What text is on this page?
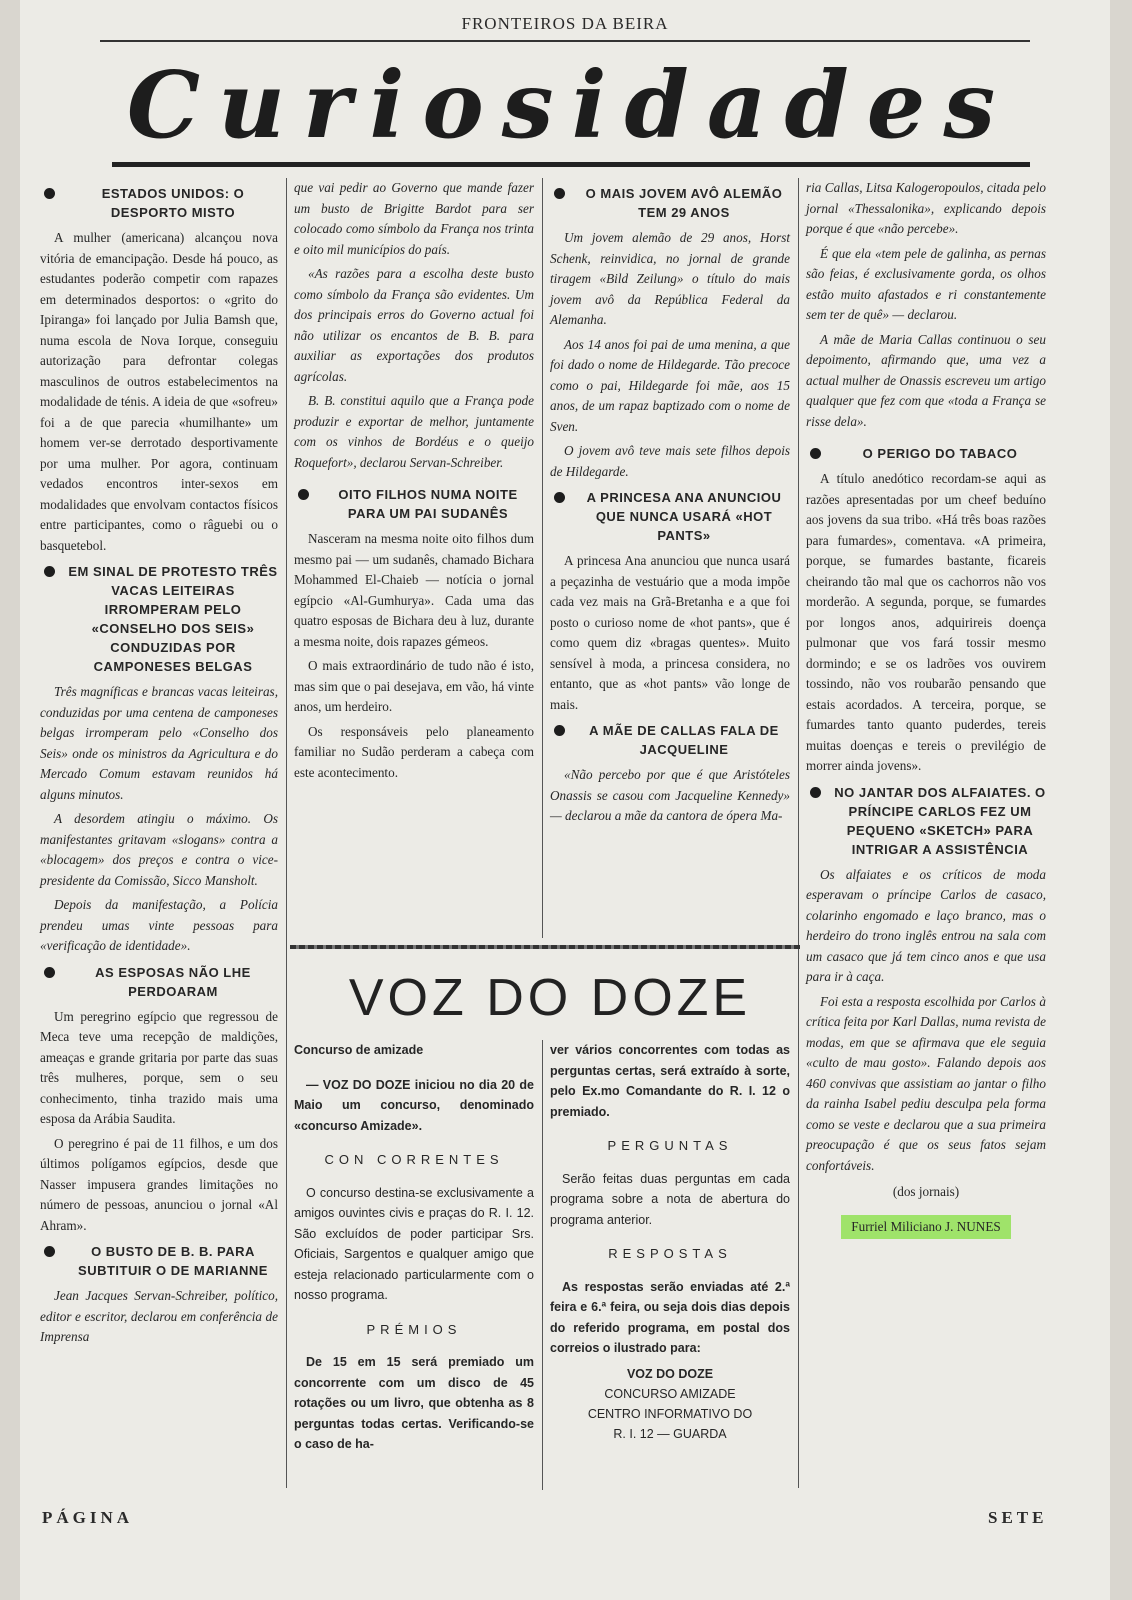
FRONTEIROS DA BEIRA
Curiosidades
ESTADOS UNIDOS: O DESPORTO MISTO

A mulher (americana) alcançou nova vitória de emancipação. Desde há pouco, as estudantes poderão competir com rapazes em determinados desportos: o «grito do Ipiranga» foi lançado por Julia Bamsh que, numa escola de Nova Iorque, conseguiu autorização para defrontar colegas masculinos de outros estabelecimentos na modalidade de ténis. A ideia de que «sofreu» foi a de que parecia «humilhante» um homem ver-se derrotado desportivamente por uma mulher. Por agora, continuam vedados encontros inter-sexos em modalidades que envolvam contactos físicos entre participantes, como o râguebi ou o basquetebol.

EM SINAL DE PROTESTO TRÊS VACAS LEITEIRAS IRROMPERAM PELO «CONSELHO DOS SEIS» CONDUZIDAS POR CAMPONESES BELGAS

Três magníficas e brancas vacas leiteiras, conduzidas por uma centena de camponeses belgas irromperam pelo «Conselho dos Seis» onde os ministros da Agricultura e do Mercado Comum estavam reunidos há alguns minutos.

A desordem atingiu o máximo. Os manifestantes gritavam «slogans» contra a «blocagem» dos preços e contra o vice-presidente da Comissão, Sicco Mansholt.

Depois da manifestação, a Polícia prendeu umas vinte pessoas para «verificação de identidade».

AS ESPOSAS NÃO LHE PERDOARAM

Um peregrino egípcio que regressou de Meca teve uma recepção de maldições, ameaças e grande gritaria por parte das suas três mulheres, porque, sem o seu conhecimento, tinha trazido mais uma esposa da Arábia Saudita.

O peregrino é pai de 11 filhos, e um dos últimos polígamos egípcios, desde que Nasser impusera grandes limitações no número de pessoas, anunciou o jornal «Al Ahram».

O BUSTO DE B. B. PARA SUBTITUIR O DE MARIANNE

Jean Jacques Servan-Schreiber, político, editor e escritor, declarou em conferência de Imprensa

que vai pedir ao Governo que mande fazer um busto de Brigitte Bardot para ser colocado como símbolo da França nos trinta e oito mil municípios do país.

«As razões para a escolha deste busto como símbolo da França são evidentes. Um dos principais erros do Governo actual foi não utilizar os encantos de B. B. para auxiliar as exportações dos produtos agrícolas.

B. B. constitui aquilo que a França pode produzir e exportar de melhor, juntamente com os vinhos de Bordéus e o queijo Roquefort», declarou Servan-Schreiber.

OITO FILHOS NUMA NOITE PARA UM PAI SUDANÊS

Nasceram na mesma noite oito filhos dum mesmo pai — um sudanês, chamado Bichara Mohammed El-Chaieb — notícia o jornal egípcio «Al-Gumhurya». Cada uma das quatro esposas de Bichara deu à luz, durante a mesma noite, dois rapazes gémeos.

O mais extraordinário de tudo não é isto, mas sim que o pai desejava, em vão, há vinte anos, um herdeiro.

Os responsáveis pelo planeamento familiar no Sudão perderam a cabeça com este acontecimento.

O MAIS JOVEM AVÔ ALEMÃO TEM 29 ANOS

Um jovem alemão de 29 anos, Horst Schenk, reinvidica, no jornal de grande tiragem «Bild Zeilung» o título do mais jovem avô da República Federal da Alemanha.

Aos 14 anos foi pai de uma menina, a que foi dado o nome de Hildegarde. Tão precoce como o pai, Hildegarde foi mãe, aos 15 anos, de um rapaz baptizado com o nome de Sven.

O jovem avô teve mais sete filhos depois de Hildegarde.

A PRINCESA ANA ANUNCIOU QUE NUNCA USARÁ «HOT PANTS»

A princesa Ana anunciou que nunca usará a peçazinha de vestuário que a moda impõe cada vez mais na Grã-Bretanha e a que foi posto o curioso nome de «hot pants», que é como quem diz «bragas quentes». Muito sensível à moda, a princesa considera, no entanto, que as «hot pants» vão longe de mais.

A MÃE DE CALLAS FALA DE JACQUELINE

«Não percebo por que é que Aristóteles Onassis se casou com Jacqueline Kennedy» — declarou a mãe da cantora de ópera Ma-

ria Callas, Litsa Kalogeropoulos, citada pelo jornal «Thessalonika», explicando depois porque é que «não percebe».

É que ela «tem pele de galinha, as pernas são feias, é exclusivamente gorda, os olhos estão muito afastados e ri constantemente sem ter de quê» — declarou.

A mãe de Maria Callas continuou o seu depoimento, afirmando que, uma vez a actual mulher de Onassis escreveu um artigo qualquer que fez com que «toda a França se risse dela».

O PERIGO DO TABACO

A título anedótico recordam-se aqui as razões apresentadas por um cheef beduíno aos jovens da sua tribo. «Há três boas razões para fumardes», comentava. «A primeira, porque, se fumardes bastante, ficareis cheirando tão mal que os cachorros não vos morderão. A segunda, porque, se fumardes por longos anos, adquirireis doença pulmonar que vos fará tossir mesmo dormindo; e se os ladrões vos ouvirem tossindo, não vos roubarão pensando que estais acordados. A terceira, porque, se fumardes tanto quanto puderdes, tereis muitas doenças e tereis o previlégio de morrer ainda jovens».

NO JANTAR DOS ALFAIATES. O PRÍNCIPE CARLOS FEZ UM PEQUENO «SKETCH» PARA INTRIGAR A ASSISTÊNCIA

Os alfaiates e os críticos de moda esperavam o príncipe Carlos de casaco, colarinho engomado e laço branco, mas o herdeiro do trono inglês entrou na sala com um casaco que já tem cinco anos e que usa para ir à caça.

Foi esta a resposta escolhida por Carlos à crítica feita por Karl Dallas, numa revista de modas, em que se afirmava que ele seguia «culto de mau gosto». Falando depois aos 460 convivas que assistiam ao jantar o filho da rainha Isabel pediu desculpa pela forma como se veste e declarou que a sua primeira preocupação é que os seus fatos sejam confortáveis.

(dos jornais)
Furriel Miliciano J. NUNES
VOZ DO DOZE
Concurso de amizade

— VOZ DO DOZE iniciou no dia 20 de Maio um concurso, denominado «concurso Amizade».

CON CORRENTES

O concurso destina-se exclusivamente a amigos ouvintes civis e praças do R. I. 12. São excluídos de poder participar Srs. Oficiais, Sargentos e qualquer amigo que esteja relacionado particularmente com o nosso programa.

PRÉMIOS

De 15 em 15 será premiado um concorrente com um disco de 45 rotações ou um livro, que obtenha as 8 perguntas todas certas. Verificando-se o caso de ha-

ver vários concorrentes com todas as perguntas certas, será extraído à sorte, pelo Ex.mo Comandante do R. I. 12 o premiado.

PERGUNTAS

Serão feitas duas perguntas em cada programa sobre a nota de abertura do programa anterior.

RESPOSTAS

As respostas serão enviadas até 2.ª feira e 6.ª feira, ou seja dois dias depois do referido programa, em postal dos correios o ilustrado para:

VOZ DO DOZE
CONCURSO AMIZADE
CENTRO INFORMATIVO DO
R. I. 12 — GUARDA
PÁGINA	SETE
